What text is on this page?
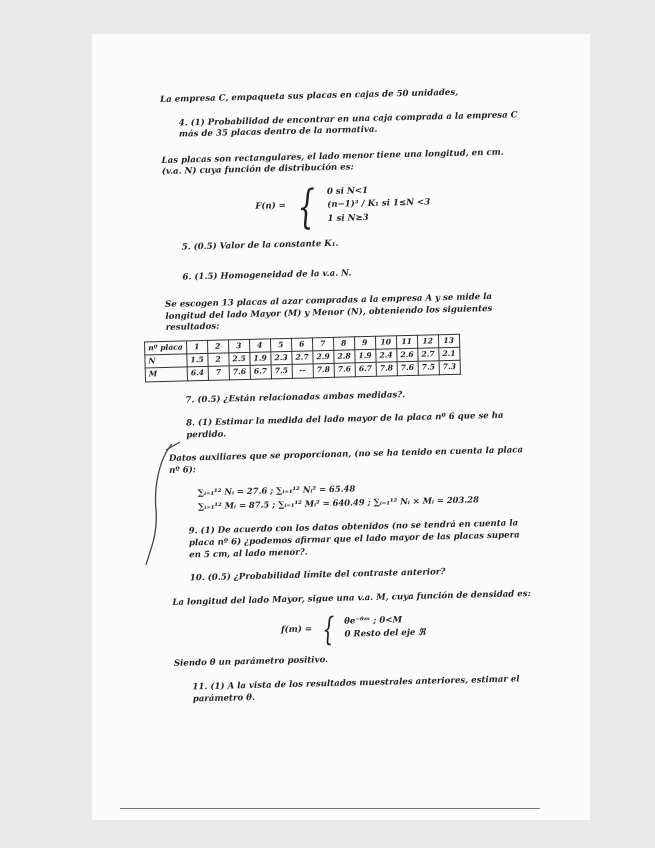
La empresa C, empaqueta sus placas en cajas de 50 unidades,

4. (1) Probabilidad de encontrar en una caja comprada a la empresa C más de 35 placas dentro de la normativa.

Las placas son rectangulares, el lado menor tiene una longitud, en cm. (v.a. N) cuya función de distribución es:

F(n) = { 0 si N<1
(n−1)³ / K₁ si 1≤N <3
1 si N≥3

5. (0.5) Valor de la constante K₁.

6. (1.5) Homogeneidad de la v.a. N.

Se escogen 13 placas al azar compradas a la empresa A y se mide la longitud del lado Mayor (M) y Menor (N), obteniendo los siguientes resultados:

nº placa	1	2	3	4	5	6	7	8	9	10	11	12	13
N	1.5	2	2.5	1.9	2.3	2.7	2.9	2.8	1.9	2.4	2.6	2.7	2.1
M	6.4	7	7.6	6.7	7.5	--	7.8	7.6	6.7	7.8	7.6	7.5	7.3

7. (0.5) ¿Están relacionadas ambas medidas?.

8. (1) Estimar la medida del lado mayor de la placa nº 6 que se ha perdido.

Datos auxiliares que se proporcionan, (no se ha tenido en cuenta la placa nº 6):

∑ᵢ₌₁¹² Nᵢ = 27.6 ; ∑ᵢ₌₁¹² Nᵢ² = 65.48
∑ᵢ₌₁¹² Mᵢ = 87.5 ; ∑ᵢ₌₁¹² Mᵢ² = 640.49 ; ∑ᵢ₌₁¹² Nᵢ × Mᵢ = 203.28

9. (1) De acuerdo con los datos obtenidos (no se tendrá en cuenta la placa nº 6) ¿podemos afirmar que el lado mayor de las placas supera en 5 cm, al lado menor?.

10. (0.5) ¿Probabilidad límite del contraste anterior?

La longitud del lado Mayor, sigue una v.a. M, cuya función de densidad es:

f(m) = { θe⁻ᶿᵐ ; 0<M
0 Resto del eje ℜ

Siendo θ un parámetro positivo.

11. (1) A la vista de los resultados muestrales anteriores, estimar el parámetro θ.
